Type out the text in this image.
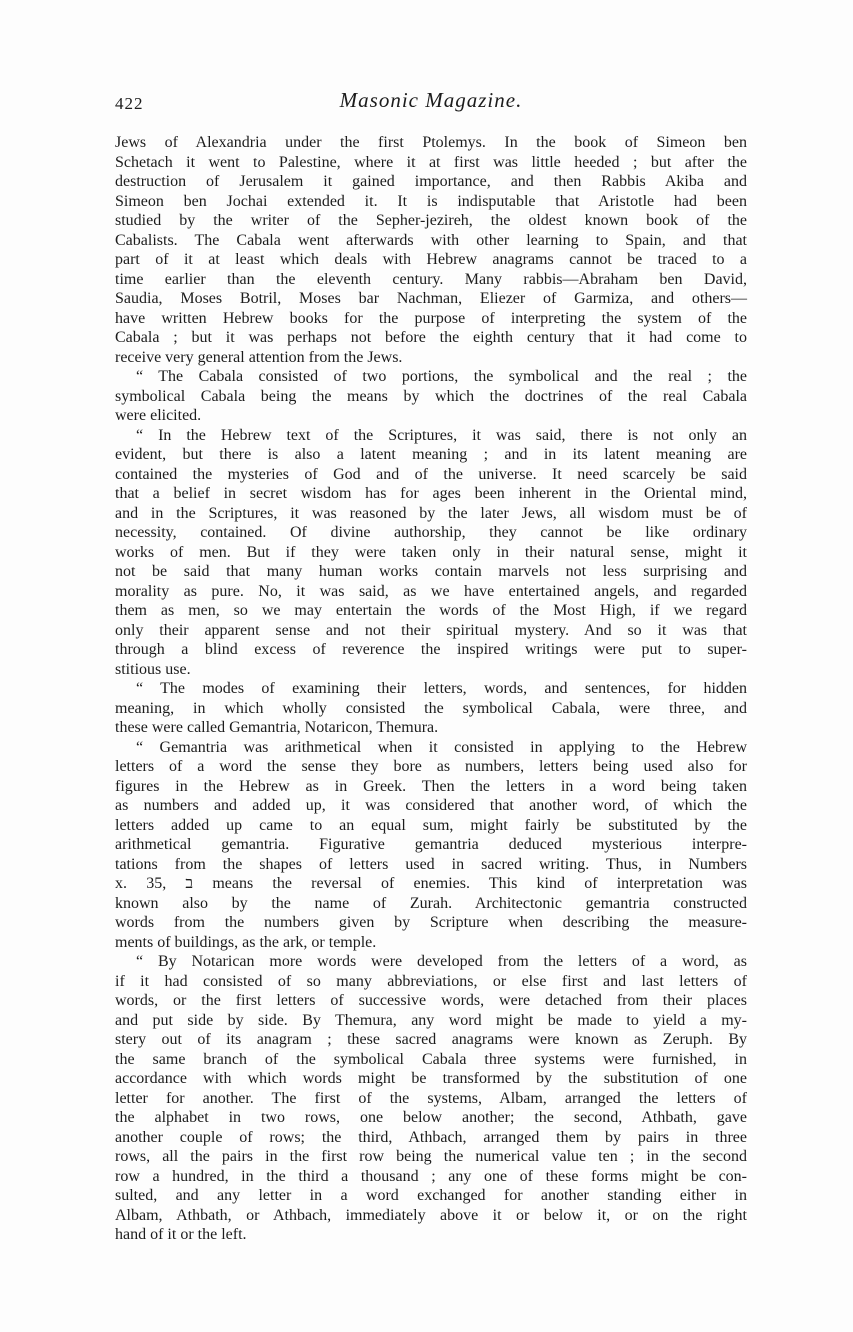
422	Masonic Magazine.
Jews of Alexandria under the first Ptolemys. In the book of Simeon ben
Schetach it went to Palestine, where it at first was little heeded ; but after the
destruction of Jerusalem it gained importance, and then Rabbis Akiba and
Simeon ben Jochai extended it. It is indisputable that Aristotle had been
studied by the writer of the Sepher-jezireh, the oldest known book of the
Cabalists. The Cabala went afterwards with other learning to Spain, and that
part of it at least which deals with Hebrew anagrams cannot be traced to a
time earlier than the eleventh century. Many rabbis—Abraham ben David,
Saudia, Moses Botril, Moses bar Nachman, Eliezer of Garmiza, and others—
have written Hebrew books for the purpose of interpreting the system of the
Cabala ; but it was perhaps not before the eighth century that it had come to
receive very general attention from the Jews.
“ The Cabala consisted of two portions, the symbolical and the real ; the
symbolical Cabala being the means by which the doctrines of the real Cabala
were elicited.
“ In the Hebrew text of the Scriptures, it was said, there is not only an
evident, but there is also a latent meaning ; and in its latent meaning are
contained the mysteries of God and of the universe. It need scarcely be said
that a belief in secret wisdom has for ages been inherent in the Oriental mind,
and in the Scriptures, it was reasoned by the later Jews, all wisdom must be of
necessity, contained. Of divine authorship, they cannot be like ordinary
works of men. But if they were taken only in their natural sense, might it
not be said that many human works contain marvels not less surprising and
morality as pure. No, it was said, as we have entertained angels, and regarded
them as men, so we may entertain the words of the Most High, if we regard
only their apparent sense and not their spiritual mystery. And so it was that
through a blind excess of reverence the inspired writings were put to super-
stitious use.
“ The modes of examining their letters, words, and sentences, for hidden
meaning, in which wholly consisted the symbolical Cabala, were three, and
these were called Gemantria, Notaricon, Themura.
“ Gemantria was arithmetical when it consisted in applying to the Hebrew
letters of a word the sense they bore as numbers, letters being used also for
figures in the Hebrew as in Greek. Then the letters in a word being taken
as numbers and added up, it was considered that another word, of which the
letters added up came to an equal sum, might fairly be substituted by the
arithmetical gemantria. Figurative gemantria deduced mysterious interpre-
tations from the shapes of letters used in sacred writing. Thus, in Numbers
x. 35, ב means the reversal of enemies. This kind of interpretation was
known also by the name of Zurah. Architectonic gemantria constructed
words from the numbers given by Scripture when describing the measure-
ments of buildings, as the ark, or temple.
“ By Notarican more words were developed from the letters of a word, as
if it had consisted of so many abbreviations, or else first and last letters of
words, or the first letters of successive words, were detached from their places
and put side by side. By Themura, any word might be made to yield a my-
stery out of its anagram ; these sacred anagrams were known as Zeruph. By
the same branch of the symbolical Cabala three systems were furnished, in
accordance with which words might be transformed by the substitution of one
letter for another. The first of the systems, Albam, arranged the letters of
the alphabet in two rows, one below another; the second, Athbath, gave
another couple of rows; the third, Athbach, arranged them by pairs in three
rows, all the pairs in the first row being the numerical value ten ; in the second
row a hundred, in the third a thousand ; any one of these forms might be con-
sulted, and any letter in a word exchanged for another standing either in
Albam, Athbath, or Athbach, immediately above it or below it, or on the right
hand of it or the left.
